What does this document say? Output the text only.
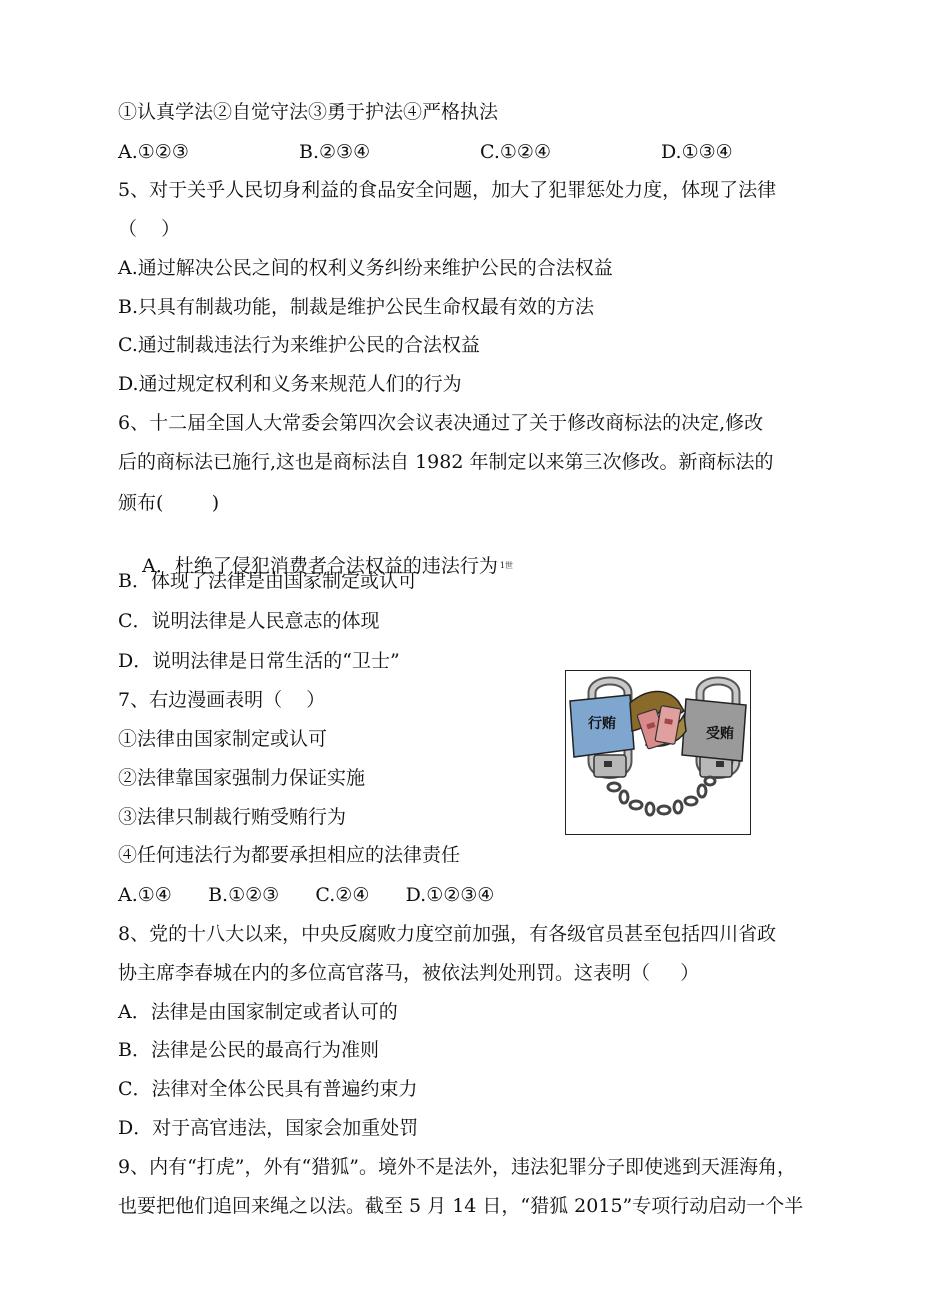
①认真学法②自觉守法③勇于护法④严格执法
A.①②③	B.②③④	C.①②④	D.①③④
5、对于关乎人民切身利益的食品安全问题，加大了犯罪惩处力度，体现了法律
（    ）
A.通过解决公民之间的权利义务纠纷来维护公民的合法权益
B.只具有制裁功能，制裁是维护公民生命权最有效的方法
C.通过制裁违法行为来维护公民的合法权益
D.通过规定权利和义务来规范人们的行为
6、十二届全国人大常委会第四次会议表决通过了关于修改商标法的决定,修改
后的商标法已施行,这也是商标法自 1982 年制定以来第三次修改。新商标法的
颁布(        )

A．杜绝了侵犯消费者合法权益的违法行为 $^{1世}$

B．体现了法律是由国家制定或认可
C．说明法律是人民意志的体现
D．说明法律是日常生活的“卫士”
7、右边漫画表明（    ）
①法律由国家制定或认可
②法律靠国家强制力保证实施
③法律只制裁行贿受贿行为
④任何违法行为都要承担相应的法律责任
A.①④      B.①②③      C.②④      D.①②③④
8、党的十八大以来，中央反腐败力度空前加强，有各级官员甚至包括四川省政
协主席李春城在内的多位高官落马，被依法判处刑罚。这表明（     ）
A．法律是由国家制定或者认可的
B．法律是公民的最高行为准则
C．法律对全体公民具有普遍约束力
D．对于高官违法，国家会加重处罚
9、内有“打虎”，外有“猎狐”。境外不是法外，违法犯罪分子即使逃到天涯海角，
也要把他们追回来绳之以法。截至 5 月 14 日，“猎狐 2015”专项行动启动一个半
行贿
受贿
